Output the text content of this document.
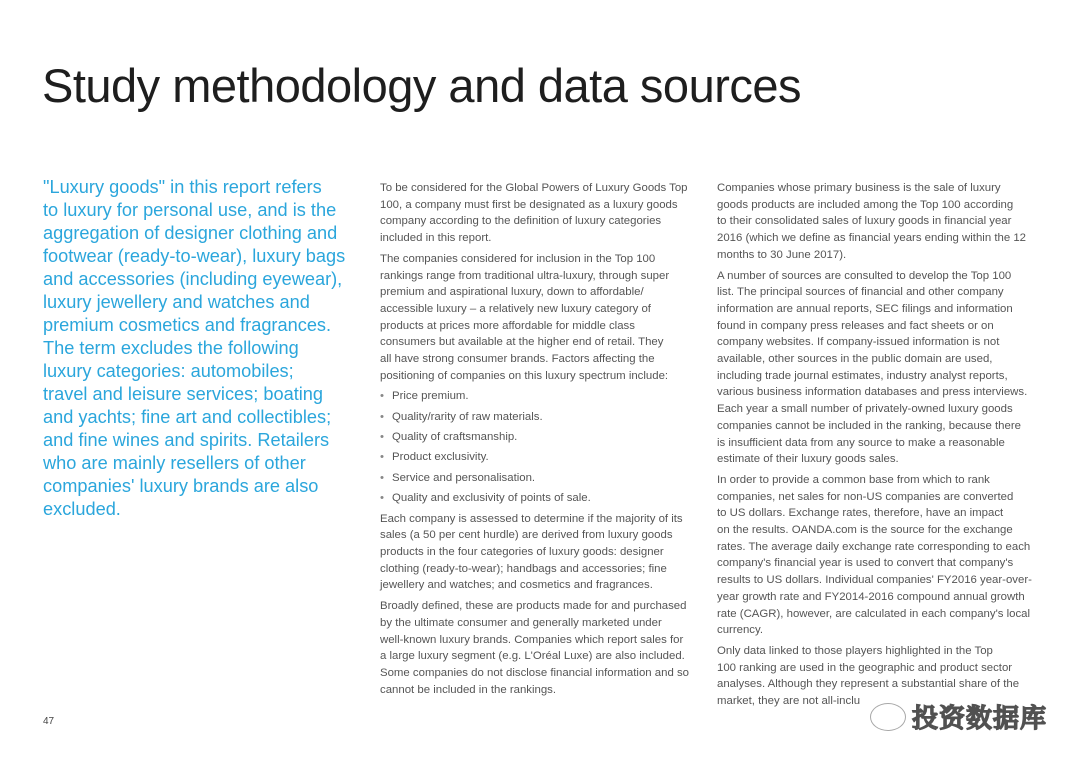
Study methodology and data sources
"Luxury goods" in this report refers
to luxury for personal use, and is the
aggregation of designer clothing and
footwear (ready-to-wear), luxury bags
and accessories (including eyewear),
luxury jewellery and watches and
premium cosmetics and fragrances.
The term excludes the following
luxury categories: automobiles;
travel and leisure services; boating
and yachts; fine art and collectibles;
and fine wines and spirits. Retailers
who are mainly resellers of other
companies' luxury brands are also
excluded.
To be considered for the Global Powers of Luxury Goods Top
100, a company must first be designated as a luxury goods
company according to the definition of luxury categories
included in this report.
The companies considered for inclusion in the Top 100
rankings range from traditional ultra-luxury, through super
premium and aspirational luxury, down to affordable/
accessible luxury – a relatively new luxury category of
products at prices more affordable for middle class
consumers but available at the higher end of retail. They
all have strong consumer brands. Factors affecting the
positioning of companies on this luxury spectrum include:
• Price premium.
• Quality/rarity of raw materials.
• Quality of craftsmanship.
• Product exclusivity.
• Service and personalisation.
• Quality and exclusivity of points of sale.
Each company is assessed to determine if the majority of its
sales (a 50 per cent hurdle) are derived from luxury goods
products in the four categories of luxury goods: designer
clothing (ready-to-wear); handbags and accessories; fine
jewellery and watches; and cosmetics and fragrances.
Broadly defined, these are products made for and purchased
by the ultimate consumer and generally marketed under
well-known luxury brands. Companies which report sales for
a large luxury segment (e.g. L'Oréal Luxe) are also included.
Some companies do not disclose financial information and so
cannot be included in the rankings.
Companies whose primary business is the sale of luxury
goods products are included among the Top 100 according
to their consolidated sales of luxury goods in financial year
2016 (which we define as financial years ending within the 12
months to 30 June 2017).
A number of sources are consulted to develop the Top 100
list. The principal sources of financial and other company
information are annual reports, SEC filings and information
found in company press releases and fact sheets or on
company websites. If company-issued information is not
available, other sources in the public domain are used,
including trade journal estimates, industry analyst reports,
various business information databases and press interviews.
Each year a small number of privately-owned luxury goods
companies cannot be included in the ranking, because there
is insufficient data from any source to make a reasonable
estimate of their luxury goods sales.
In order to provide a common base from which to rank
companies, net sales for non-US companies are converted
to US dollars. Exchange rates, therefore, have an impact
on the results. OANDA.com is the source for the exchange
rates. The average daily exchange rate corresponding to each
company's financial year is used to convert that company's
results to US dollars. Individual companies' FY2016 year-over-
year growth rate and FY2014-2016 compound annual growth
rate (CAGR), however, are calculated in each company's local
currency.
Only data linked to those players highlighted in the Top
100 ranking are used in the geographic and product sector
analyses. Although they represent a substantial share of the
market, they are not all-inclu
47	投资数据库
